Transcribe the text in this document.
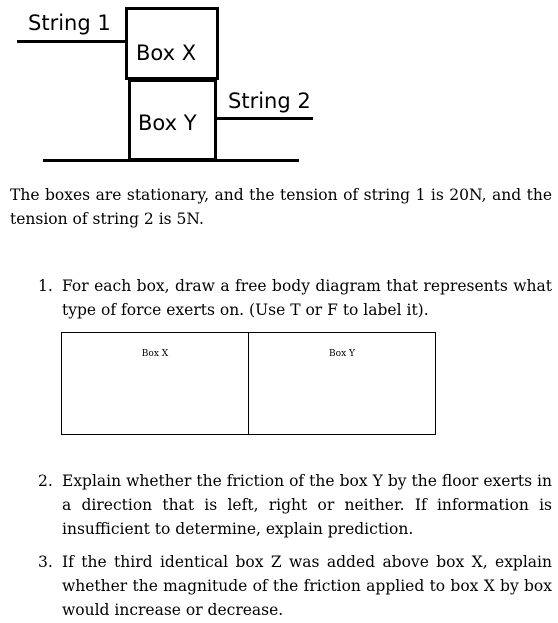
String 1
Box X
Box Y
String 2
The boxes are stationary, and the tension of string 1 is 20N, and the tension of string 2 is 5N.
1. For each box, draw a free body diagram that represents what type of force exerts on. (Use T or F to label it).
Box X	Box Y
2. Explain whether the friction of the box Y by the floor exerts in a direction that is left, right or neither. If information is insufficient to determine, explain prediction.
3. If the third identical box Z was added above box X, explain whether the magnitude of the friction applied to box X by box would increase or decrease.
